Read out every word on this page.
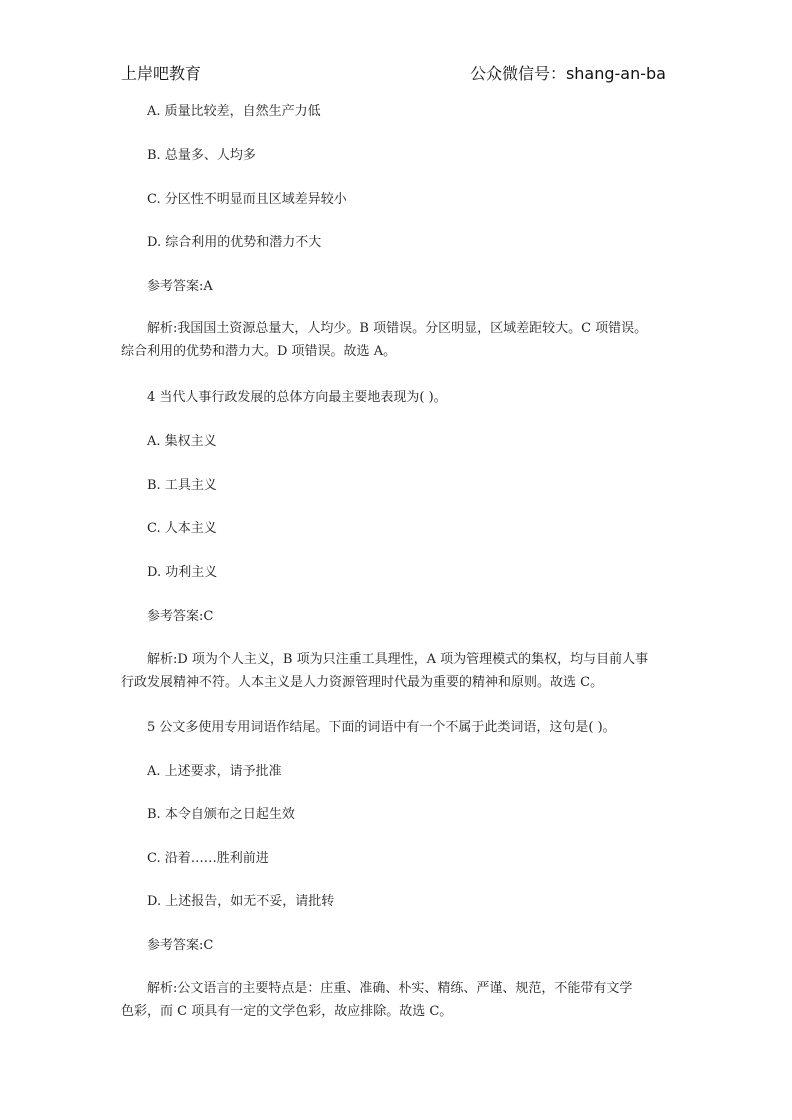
上岸吧教育	公众微信号：shang-an-ba
A. 质量比较差，自然生产力低
B. 总量多、人均多
C. 分区性不明显而且区域差异较小
D. 综合利用的优势和潜力不大
参考答案:A
解析:我国国土资源总量大，人均少。B 项错误。分区明显，区域差距较大。C 项错误。
综合利用的优势和潜力大。D 项错误。故选 A。
4 当代人事行政发展的总体方向最主要地表现为( )。
A. 集权主义
B. 工具主义
C. 人本主义
D. 功利主义
参考答案:C
解析:D 项为个人主义，B 项为只注重工具理性，A 项为管理模式的集权，均与目前人事
行政发展精神不符。人本主义是人力资源管理时代最为重要的精神和原则。故选 C。
5 公文多使用专用词语作结尾。下面的词语中有一个不属于此类词语，这句是( )。
A. 上述要求，请予批准
B. 本令自颁布之日起生效
C. 沿着……胜利前进
D. 上述报告，如无不妥，请批转
参考答案:C
解析:公文语言的主要特点是：庄重、准确、朴实、精练、严谨、规范，不能带有文学
色彩，而 C 项具有一定的文学色彩，故应排除。故选 C。
